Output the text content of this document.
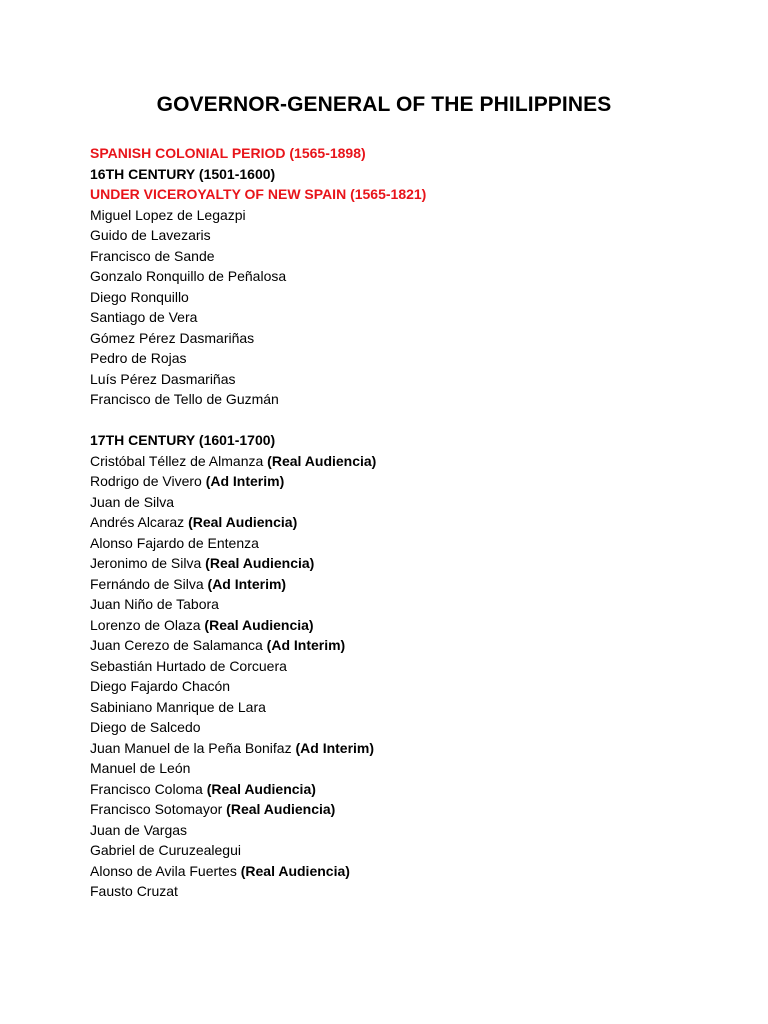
GOVERNOR-GENERAL OF THE PHILIPPINES
SPANISH COLONIAL PERIOD (1565-1898)
16TH CENTURY (1501-1600)
UNDER VICEROYALTY OF NEW SPAIN (1565-1821)
Miguel Lopez de Legazpi
Guido de Lavezaris
Francisco de Sande
Gonzalo Ronquillo de Peñalosa
Diego Ronquillo
Santiago de Vera
Gómez Pérez Dasmariñas
Pedro de Rojas
Luís Pérez Dasmariñas
Francisco de Tello de Guzmán
17TH CENTURY (1601-1700)
Cristóbal Téllez de Almanza (Real Audiencia)
Rodrigo de Vivero (Ad Interim)
Juan de Silva
Andrés Alcaraz (Real Audiencia)
Alonso Fajardo de Entenza
Jeronimo de Silva (Real Audiencia)
Fernándo de Silva (Ad Interim)
Juan Niño de Tabora
Lorenzo de Olaza (Real Audiencia)
Juan Cerezo de Salamanca (Ad Interim)
Sebastián Hurtado de Corcuera
Diego Fajardo Chacón
Sabiniano Manrique de Lara
Diego de Salcedo
Juan Manuel de la Peña Bonifaz (Ad Interim)
Manuel de León
Francisco Coloma (Real Audiencia)
Francisco Sotomayor (Real Audiencia)
Juan de Vargas
Gabriel de Curuzealegui
Alonso de Avila Fuertes (Real Audiencia)
Fausto Cruzat
